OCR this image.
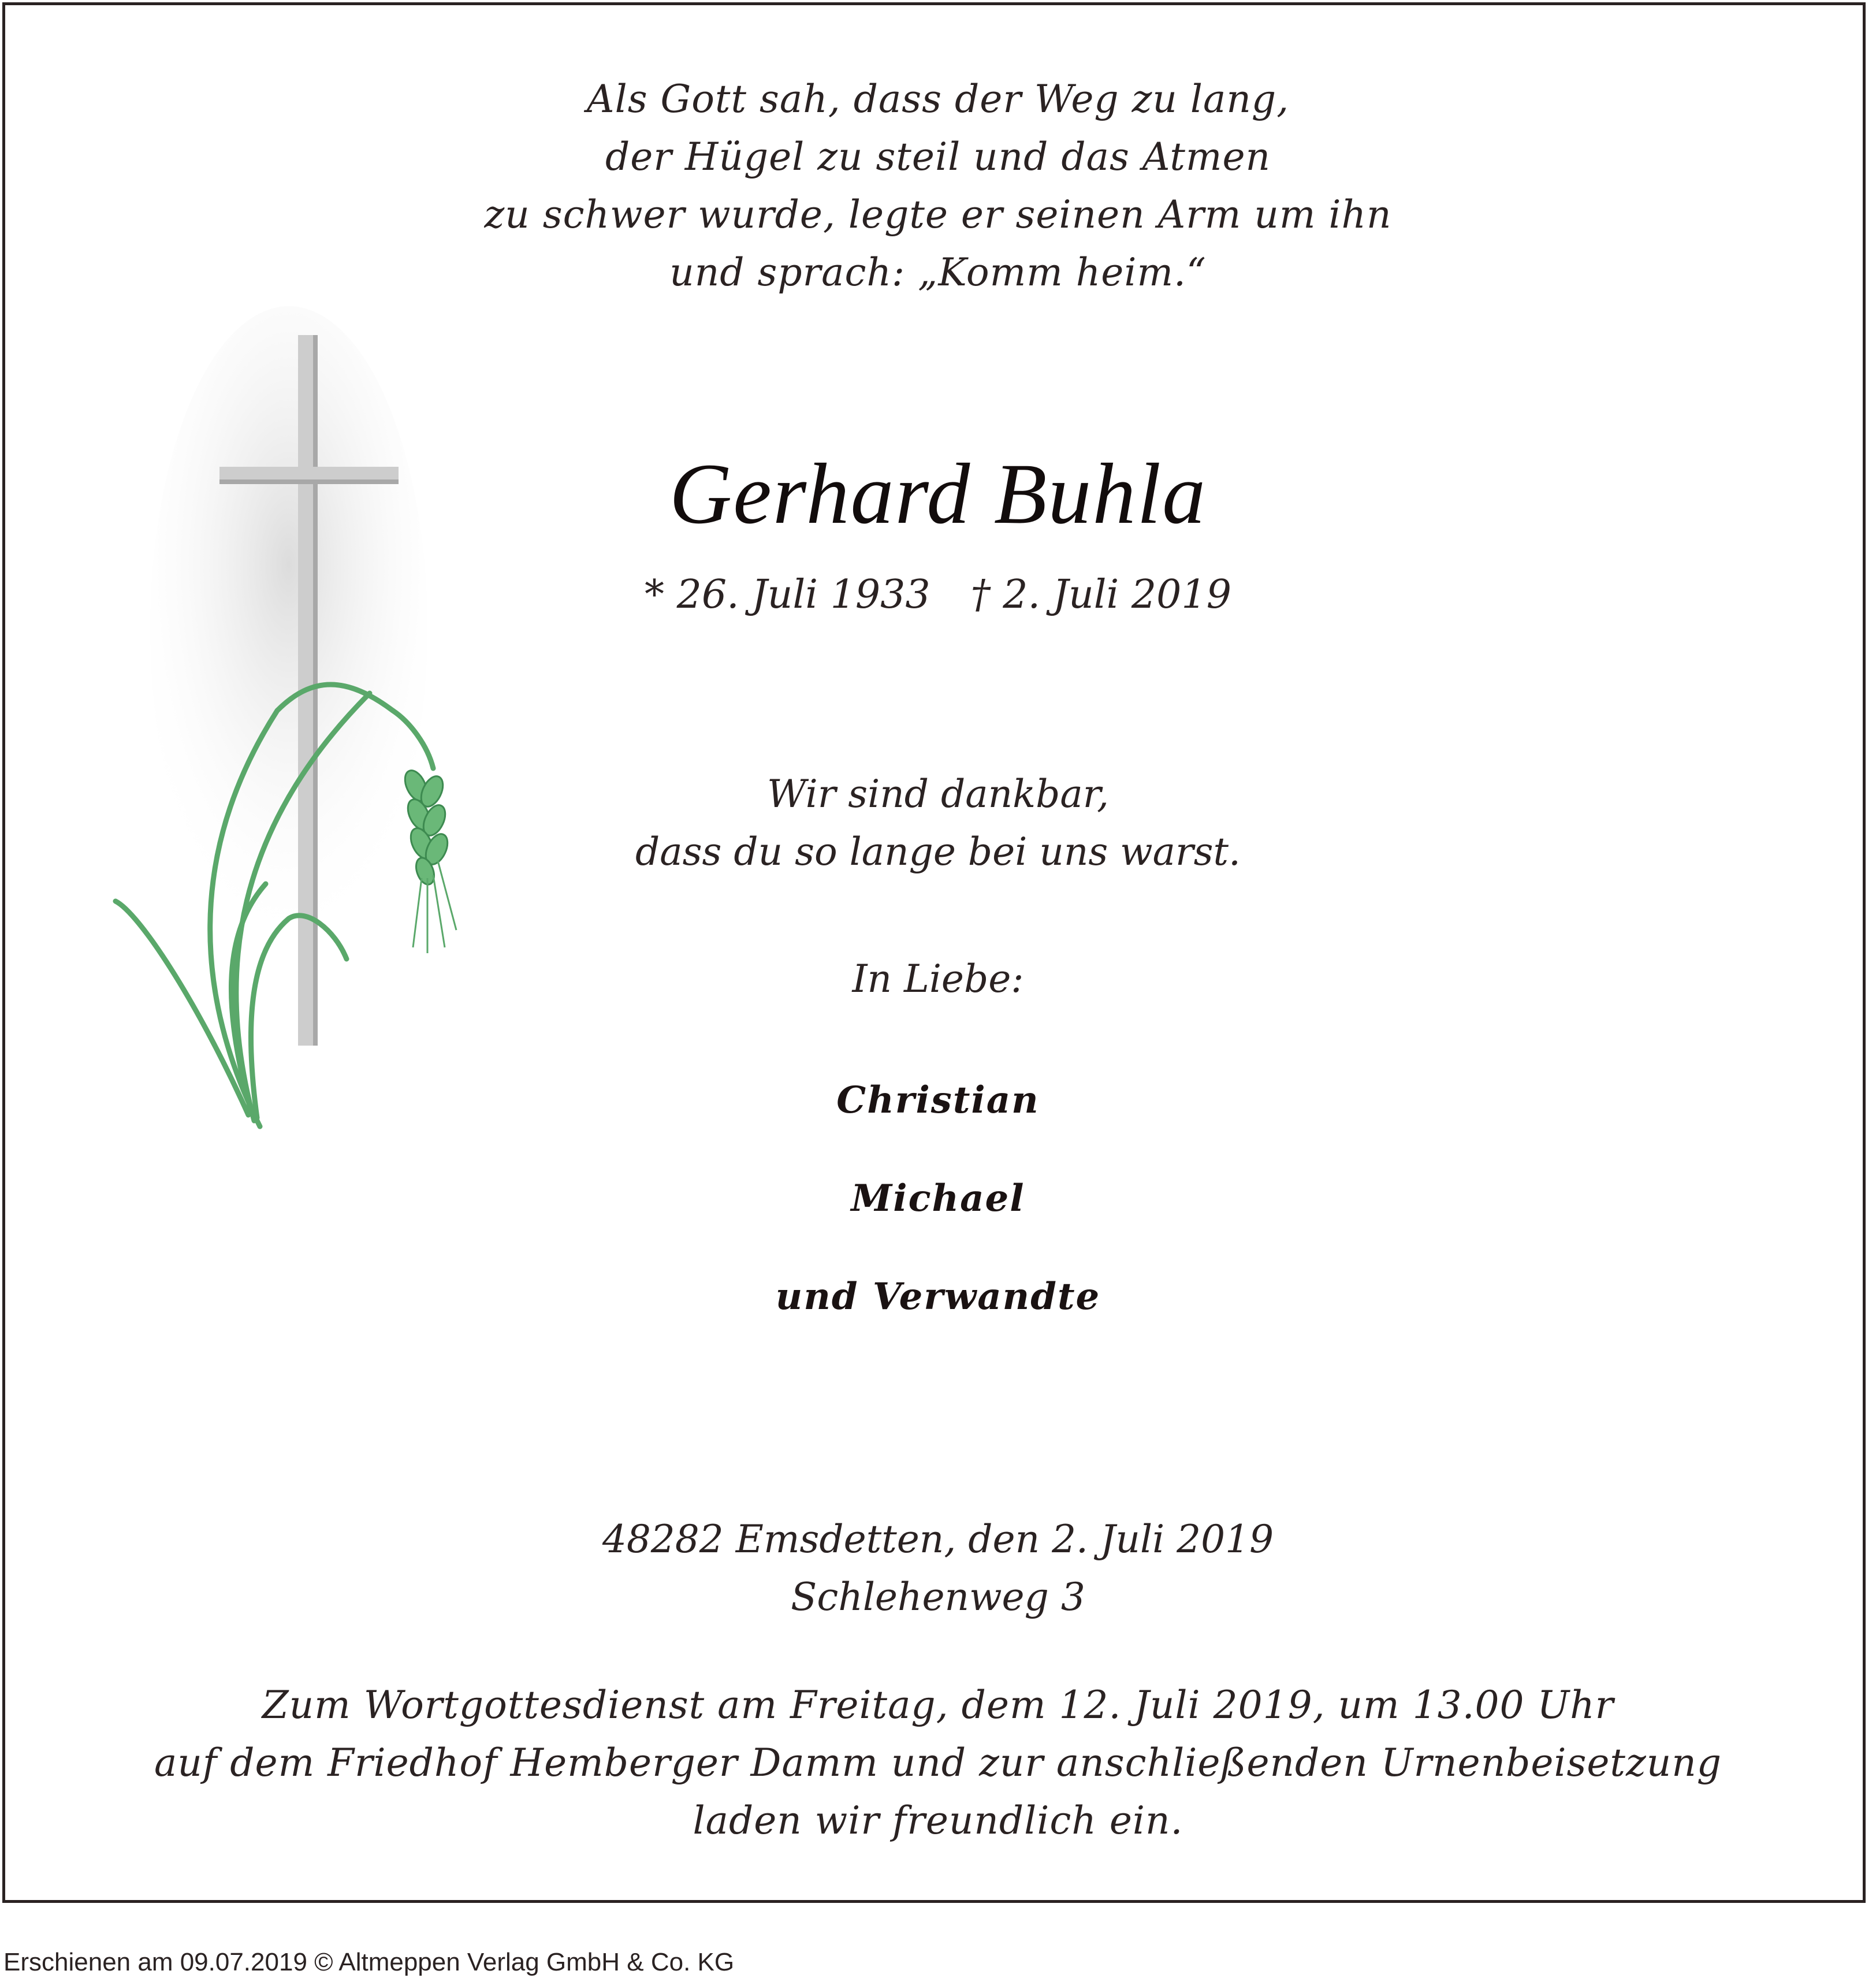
Als Gott sah, dass der Weg zu lang,
der Hügel zu steil und das Atmen
zu schwer wurde, legte er seinen Arm um ihn
und sprach: „Komm heim.“
Gerhard Buhla
* 26. Juli 1933 † 2. Juli 2019
Wir sind dankbar,
dass du so lange bei uns warst.
In Liebe:
Christian
Michael
und Verwandte
48282 Emsdetten, den 2. Juli 2019
Schlehenweg 3
Zum Wortgottesdienst am Freitag, dem 12. Juli 2019, um 13.00 Uhr
auf dem Friedhof Hemberger Damm und zur anschließenden Urnenbeisetzung
laden wir freundlich ein.
Erschienen am 09.07.2019 © Altmeppen Verlag GmbH & Co. KG
